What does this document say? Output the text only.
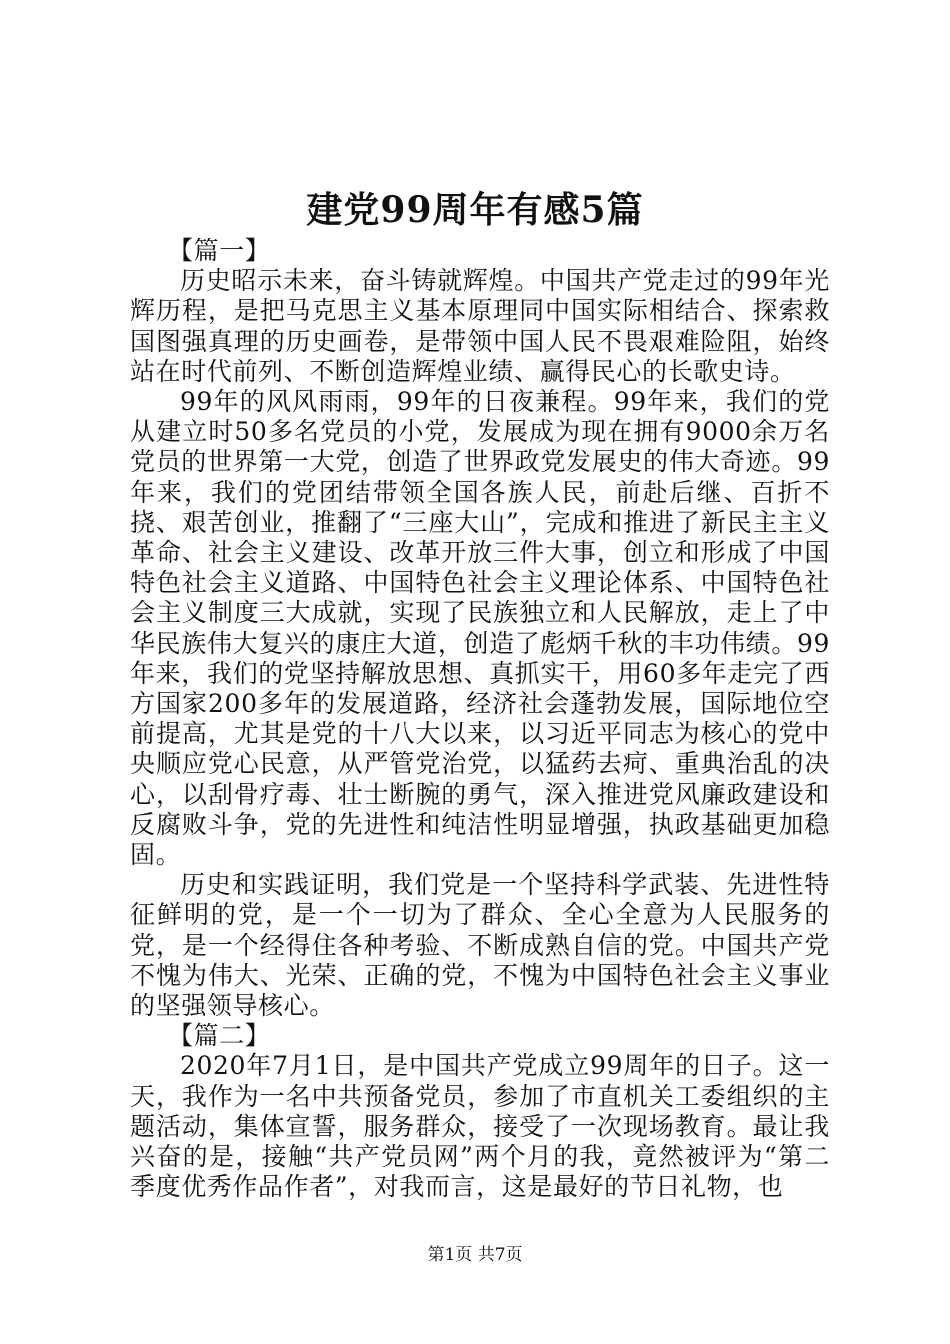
建党99周年有感5篇

【篇一】

历史昭示未来，奋斗铸就辉煌。中国共产党走过的99年光辉历程，是把马克思主义基本原理同中国实际相结合、探索救国图强真理的历史画卷，是带领中国人民不畏艰难险阻，始终站在时代前列、不断创造辉煌业绩、赢得民心的长歌史诗。

99年的风风雨雨，99年的日夜兼程。99年来，我们的党从建立时50多名党员的小党，发展成为现在拥有9000余万名党员的世界第一大党，创造了世界政党发展史的伟大奇迹。99年来，我们的党团结带领全国各族人民，前赴后继、百折不挠、艰苦创业，推翻了“三座大山”，完成和推进了新民主主义革命、社会主义建设、改革开放三件大事，创立和形成了中国特色社会主义道路、中国特色社会主义理论体系、中国特色社会主义制度三大成就，实现了民族独立和人民解放，走上了中华民族伟大复兴的康庄大道，创造了彪炳千秋的丰功伟绩。99年来，我们的党坚持解放思想、真抓实干，用60多年走完了西方国家200多年的发展道路，经济社会蓬勃发展，国际地位空前提高，尤其是党的十八大以来，以习近平同志为核心的党中央顺应党心民意，从严管党治党，以猛药去疴、重典治乱的决心，以刮骨疗毒、壮士断腕的勇气，深入推进党风廉政建设和反腐败斗争，党的先进性和纯洁性明显增强，执政基础更加稳固。

历史和实践证明，我们党是一个坚持科学武装、先进性特征鲜明的党，是一个一切为了群众、全心全意为人民服务的党，是一个经得住各种考验、不断成熟自信的党。中国共产党不愧为伟大、光荣、正确的党，不愧为中国特色社会主义事业的坚强领导核心。

【篇二】

2020年7月1日，是中国共产党成立99周年的日子。这一天，我作为一名中共预备党员，参加了市直机关工委组织的主题活动，集体宣誓，服务群众，接受了一次现场教育。最让我兴奋的是，接触“共产党员网”两个月的我，竟然被评为“第二季度优秀作品作者”，对我而言，这是最好的节日礼物，也

第1页 共7页
